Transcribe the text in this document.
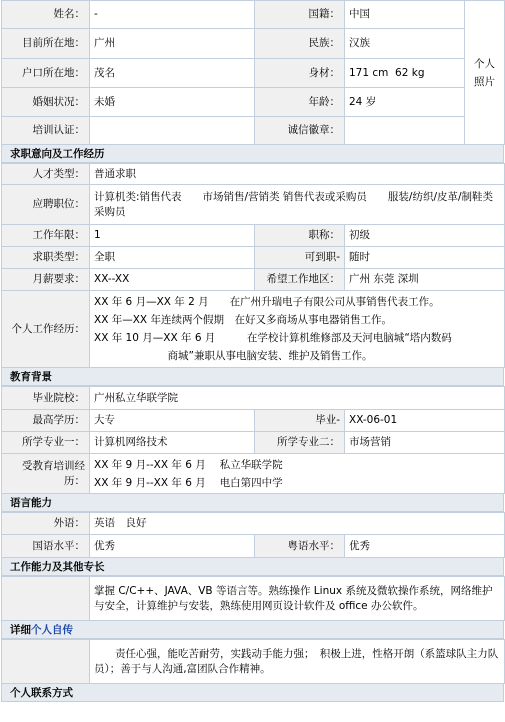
姓名：	-	国籍：	中国	个人照片
目前所在地：	广州	民族：	汉族	
户口所在地：	茂名	身材：	171 cm  62 kg	
婚姻状况：	未婚	年龄：	24 岁	
培训认证：		诚信徽章：		
求职意向及工作经历
人才类型：	普通求职		
应聘职位：	计算机类:销售代表　　市场销售/营销类 销售代表或采购员　　服装/纺织/皮革/制鞋类 采购员		
工作年限：	1	职称：	初级
求职类型：	全职	可到职-	随时
月薪要求：	XX--XX	希望工作地区：	广州 东莞 深圳
个人工作经历：	XX 年 6 月—XX 年 2 月　　在广州升瑞电子有限公司从事销售代表工作。
XX 年—XX 年连续两个假期　在好又多商场从事电器销售工作。
XX 年 10 月—XX 年 6 月　　　在学校计算机维修部及天河电脑城“塔内数码
　　　　　　　商城”兼职从事电脑安装、维护及销售工作。		
教育背景
毕业院校：	广州私立华联学院		
最高学历：	大专	毕业-	XX-06-01
所学专业一：	计算机网络技术	所学专业二：	市场营销
受教育培训经历：	XX 年 9 月--XX 年 6 月　 私立华联学院
XX 年 9 月--XX 年 6 月　 电白第四中学		
语言能力
外语：	英语　良好		
国语水平：	优秀	粤语水平：	优秀
工作能力及其他专长
	掌握 C/C++、JAVA、VB 等语言等。熟练操作 Linux 系统及微软操作系统，网络维护与安全，计算维护与安装，熟练使用网页设计软件及 office 办公软件。
详细个人自传
	　　责任心强，能吃苦耐劳，实践动手能力强；　积极上进，性格开朗（系篮球队主力队员）；善于与人沟通,富团队合作精神。
个人联系方式
